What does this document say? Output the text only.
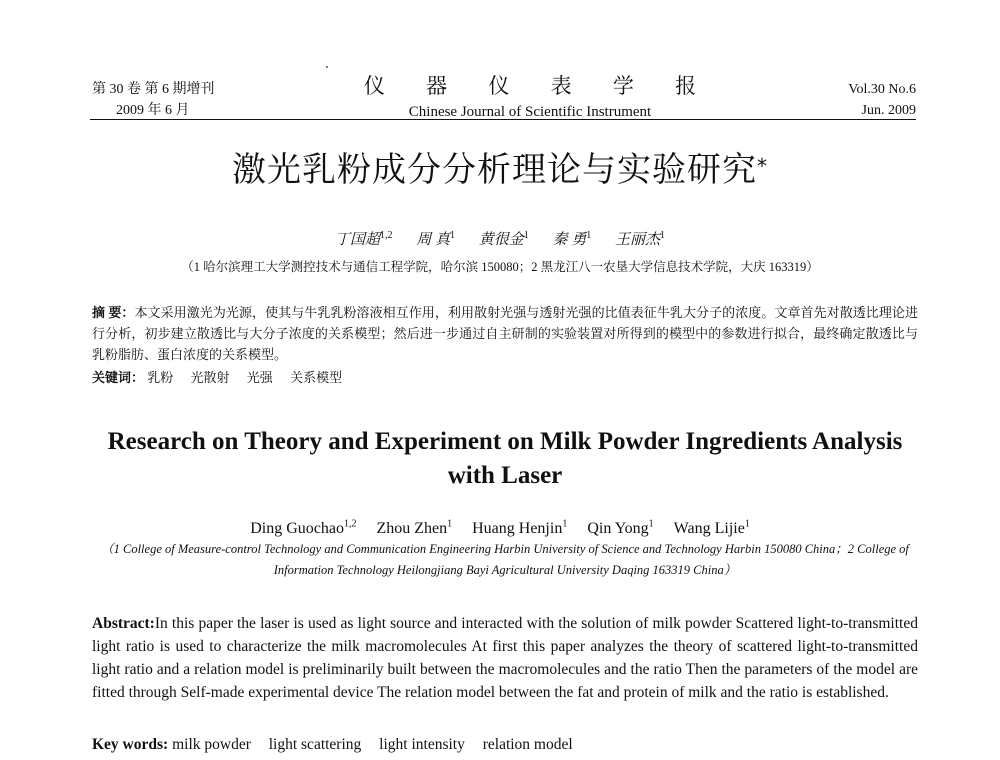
第 30 卷 第 6 期增刊
2009 年 6 月
仪 器 仪 表 学 报
Chinese Journal of Scientific Instrument
Vol.30 No.6
Jun. 2009
激光乳粉成分分析理论与实验研究*
丁国超$^{1,2}$ 周 真$^1$ 黄很金$^1$ 秦 勇$^1$ 王丽杰$^1$
（1 哈尔滨理工大学测控技术与通信工程学院，哈尔滨 150080；2 黑龙江八一农垦大学信息技术学院，大庆 163319）
摘 要：本文采用激光为光源，使其与牛乳乳粉溶液相互作用，利用散射光强与透射光强的比值表征牛乳大分子的浓度。文章首先对散透比理论进行分析，初步建立散透比与大分子浓度的关系模型；然后进一步通过自主研制的实验装置对所得到的模型中的参数进行拟合，最终确定散透比与乳粉脂肪、蛋白浓度的关系模型。
关键词： 乳粉 光散射 光强 关系模型
Research on Theory and Experiment on Milk Powder Ingredients Analysis with Laser
Ding Guochao$^{1,2}$ Zhou Zhen$^1$ Huang Henjin$^1$ Qin Yong$^1$ Wang Lijie$^1$
（1 College of Measure-control Technology and Communication Engineering Harbin University of Science and Technology Harbin 150080 China；2 College of Information Technology Heilongjiang Bayi Agricultural University Daqing 163319 China）
Abstract:In this paper the laser is used as light source and interacted with the solution of milk powder Scattered light-to-transmitted light ratio is used to characterize the milk macromolecules At first this paper analyzes the theory of scattered light-to-transmitted light ratio and a relation model is preliminarily built between the macromolecules and the ratio Then the parameters of the model are fitted through Self-made experimental device The relation model between the fat and protein of milk and the ratio is established.
Key words: milk powder light scattering light intensity relation model
